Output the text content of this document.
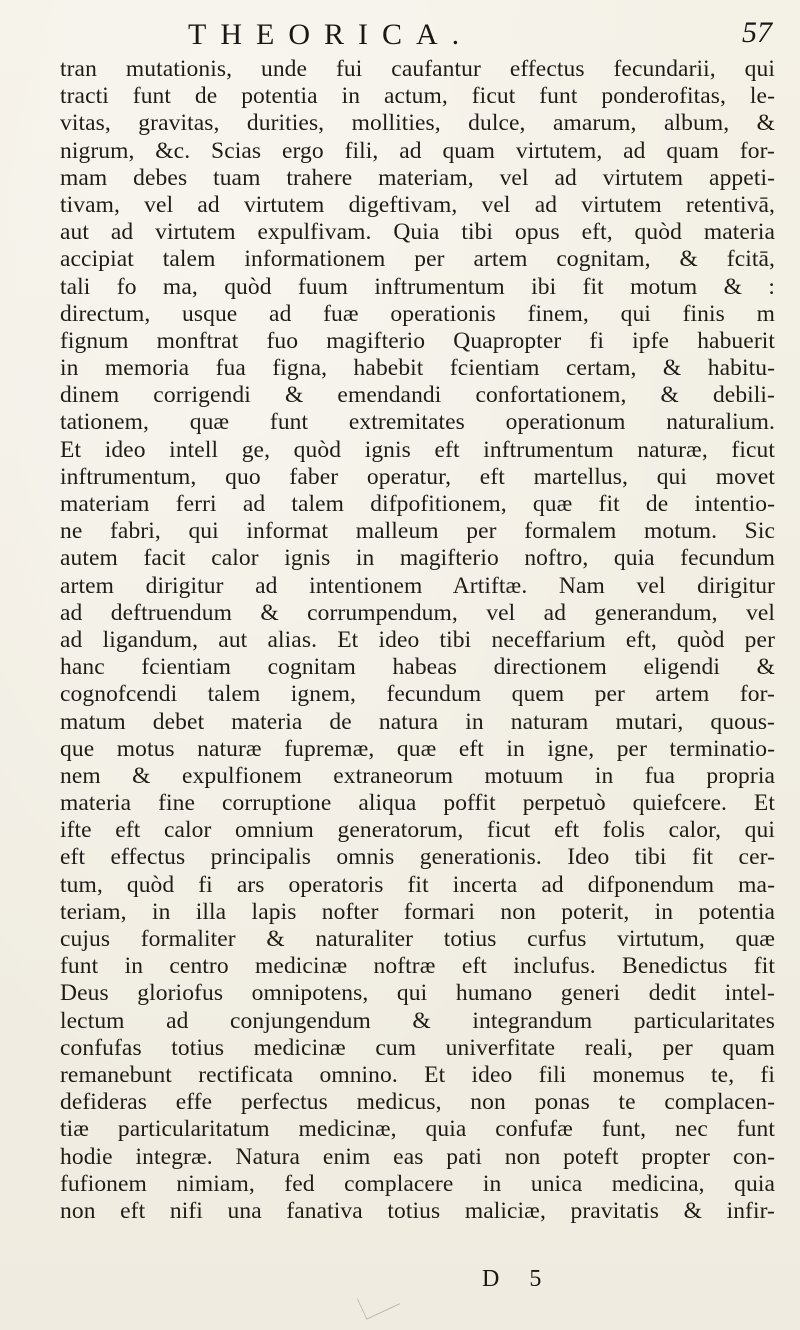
THEORICA.	57
tran mutationis, unde fui caufantur effectus fecundarii, qui
tracti funt de potentia in actum, ficut funt ponderofitas, le-
vitas, gravitas, durities, mollities, dulce, amarum, album, &
nigrum, &c. Scias ergo fili, ad quam virtutem, ad quam for-
mam debes tuam trahere materiam, vel ad virtutem appeti-
tivam, vel ad virtutem digeftivam, vel ad virtutem retentivā,
aut ad virtutem expulfivam. Quia tibi opus eft, quòd materia
accipiat talem informationem per artem cognitam, & fcitā,
tali fo ma, quòd fuum inftrumentum ibi fit motum & :
directum, usque ad fuæ operationis finem, qui finis m
fignum monftrat fuo magifterio Quapropter fi ipfe habuerit
in memoria fua figna, habebit fcientiam certam, & habitu-
dinem corrigendi & emendandi confortationem, & debili-
tationem, quæ funt extremitates operationum naturalium.
Et ideo intell ge, quòd ignis eft inftrumentum naturæ, ficut
inftrumentum, quo faber operatur, eft martellus, qui movet
materiam ferri ad talem difpofitionem, quæ fit de intentio-
ne fabri, qui informat malleum per formalem motum. Sic
autem facit calor ignis in magifterio noftro, quia fecundum
artem dirigitur ad intentionem Artiftæ. Nam vel dirigitur
ad deftruendum & corrumpendum, vel ad generandum, vel
ad ligandum, aut alias. Et ideo tibi neceffarium eft, quòd per
hanc fcientiam cognitam habeas directionem eligendi &
cognofcendi talem ignem, fecundum quem per artem for-
matum debet materia de natura in naturam mutari, quous-
que motus naturæ fupremæ, quæ eft in igne, per terminatio-
nem & expulfionem extraneorum motuum in fua propria
materia fine corruptione aliqua poffit perpetuò quiefcere. Et
ifte eft calor omnium generatorum, ficut eft folis calor, qui
eft effectus principalis omnis generationis. Ideo tibi fit cer-
tum, quòd fi ars operatoris fit incerta ad difponendum ma-
teriam, in illa lapis nofter formari non poterit, in potentia
cujus formaliter & naturaliter totius curfus virtutum, quæ
funt in centro medicinæ noftræ eft inclufus. Benedictus fit
Deus gloriofus omnipotens, qui humano generi dedit intel-
lectum ad conjungendum & integrandum particularitates
confufas totius medicinæ cum univerfitate reali, per quam
remanebunt rectificata omnino. Et ideo fili monemus te, fi
defideras effe perfectus medicus, non ponas te complacen-
tiæ particularitatum medicinæ, quia confufæ funt, nec funt
hodie integræ. Natura enim eas pati non poteft propter con-
fufionem nimiam, fed complacere in unica medicina, quia
non eft nifi una fanativa totius maliciæ, pravitatis & infir-
D 5
